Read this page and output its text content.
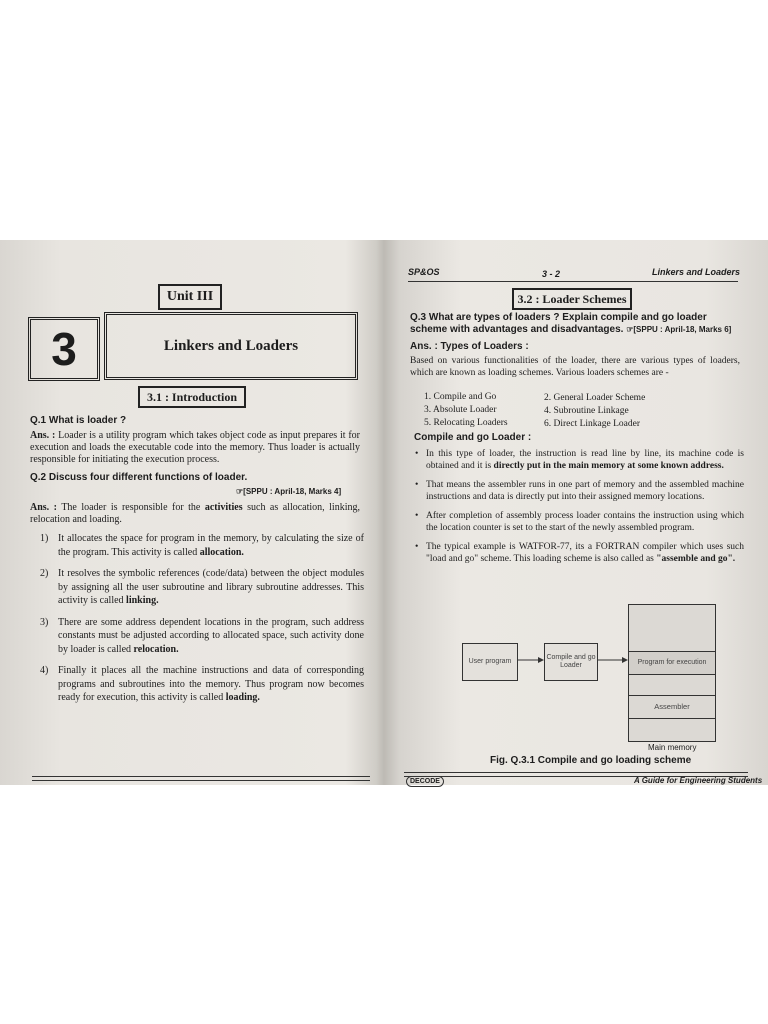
Unit III
3	Linkers and Loaders
3.1 : Introduction
Q.1 What is loader ?
Ans. : Loader is a utility program which takes object code as input prepares it for execution and loads the executable code into the memory. Thus loader is actually responsible for initiating the execution process.
Q.2 Discuss four different functions of loader.
☞[SPPU : April-18, Marks 4]
Ans. : The loader is responsible for the activities such as allocation, linking, relocation and loading.
1) It allocates the space for program in the memory, by calculating the size of the program. This activity is called allocation.
2) It resolves the symbolic references (code/data) between the object modules by assigning all the user subroutine and library subroutine addresses. This activity is called linking.
3) There are some address dependent locations in the program, such address constants must be adjusted according to allocated space, such activity done by loader is called relocation.
4) Finally it places all the machine instructions and data of corresponding programs and subroutines into the memory. Thus program now becomes ready for execution, this activity is called loading.
SP&OS	3 - 2	Linkers and Loaders
3.2 : Loader Schemes
Q.3 What are types of loaders ? Explain compile and go loader scheme with advantages and disadvantages. ☞[SPPU : April-18, Marks 6]
Ans. : Types of Loaders :
Based on various functionalities of the loader, there are various types of loaders, which are known as loading schemes. Various loaders schemes are -
1. Compile and Go
3. Absolute Loader
5. Relocating Loaders
2. General Loader Scheme
4. Subroutine Linkage
6. Direct Linkage Loader
Compile and go Loader :
• In this type of loader, the instruction is read line by line, its machine code is obtained and it is directly put in the main memory at some known address.
• That means the assembler runs in one part of memory and the assembled machine instructions and data is directly put into their assigned memory locations.
• After completion of assembly process loader contains the instruction using which the location counter is set to the start of the newly assembled program.
• The typical example is WATFOR-77, its a FORTRAN compiler which uses such "load and go" scheme. This loading scheme is also called as "assemble and go".
User program
Compile and go Loader	Program for execution
Assembler
Main memory
Fig. Q.3.1 Compile and go loading scheme
DECODE	A Guide for Engineering Students
